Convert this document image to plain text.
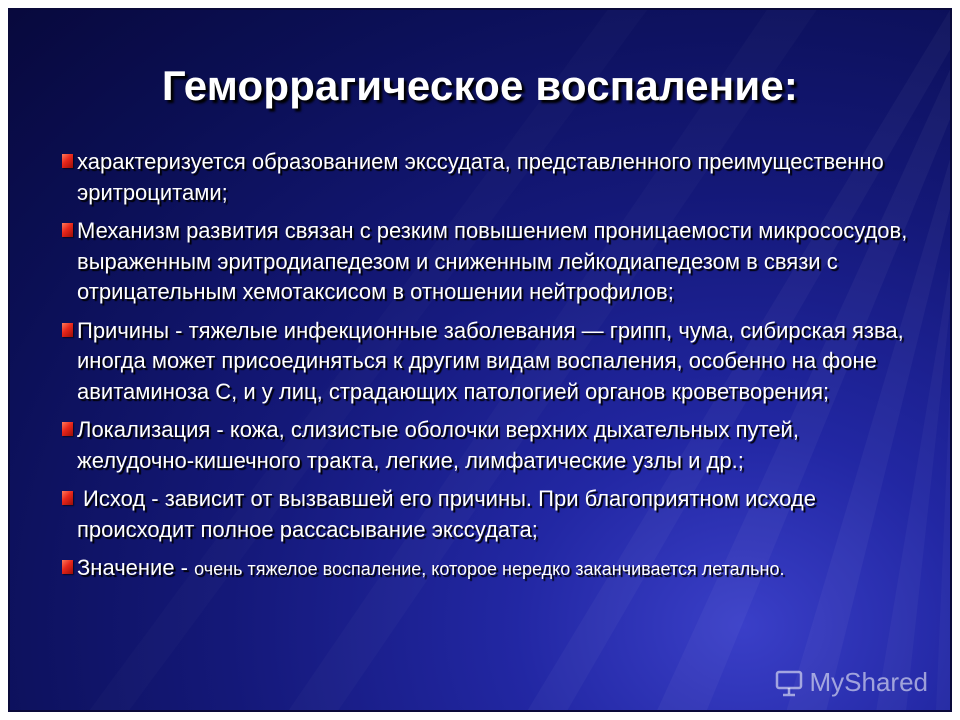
Геморрагическое воспаление:
характеризуется образованием экссудата, представленного преимущественно эритроцитами;
Механизм развития связан с резким повышением проницаемости микрососудов, выраженным эритродиапедезом и сниженным лейкодиапедезом в связи с отрицательным хемотаксисом в отношении нейтрофилов;
Причины - тяжелые инфекционные заболевания — грипп, чума, сибирская язва, иногда может присоединяться к другим видам воспаления, особенно на фоне авитаминоза С, и у лиц, страдающих патологией органов кроветворения;
Локализация - кожа, слизистые оболочки верхних дыхательных путей, желудочно-кишечного тракта, легкие, лимфатические узлы и др.;
Исход - зависит от вызвавшей его причины. При благоприятном исходе происходит полное рассасывание экссудата;
Значение - очень тяжелое воспаление, которое нередко заканчивается летально.
MyShared
